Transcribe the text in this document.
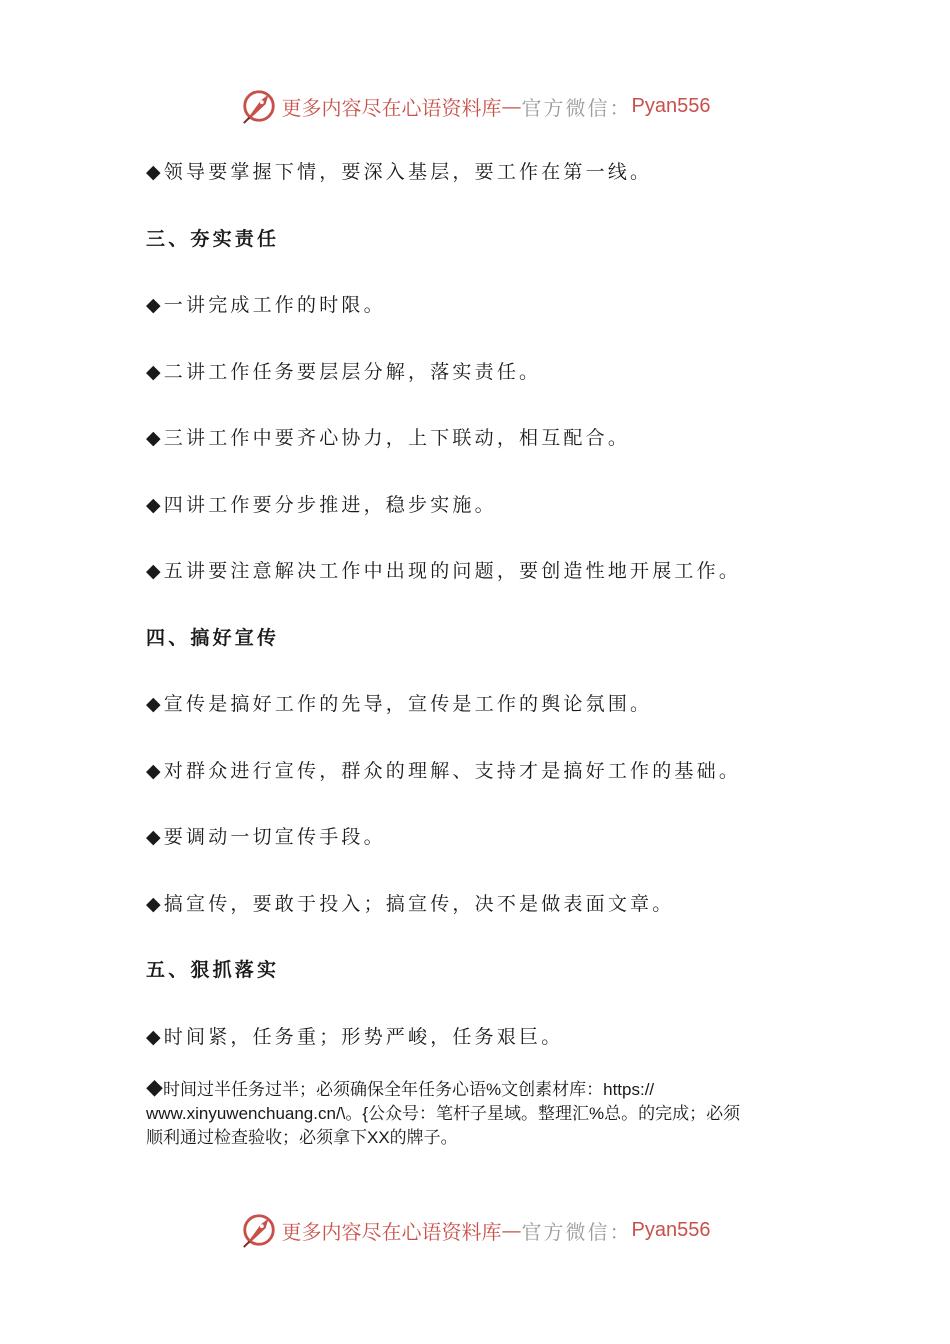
更多内容尽在心语资料库 — 官方微信： Pyan556
◆领导要掌握下情，要深入基层，要工作在第一线。
三、夯实责任
◆一讲完成工作的时限。
◆二讲工作任务要层层分解，落实责任。
◆三讲工作中要齐心协力，上下联动，相互配合。
◆四讲工作要分步推进，稳步实施。
◆五讲要注意解决工作中出现的问题，要创造性地开展工作。
四、搞好宣传
◆宣传是搞好工作的先导，宣传是工作的舆论氛围。
◆对群众进行宣传，群众的理解、支持才是搞好工作的基础。
◆要调动一切宣传手段。
◆搞宣传，要敢于投入；搞宣传，决不是做表面文章。
五、狠抓落实
◆时间紧，任务重；形势严峻，任务艰巨。
◆时间过半任务过半；必须确保全年任务心语%文创素材库：https://
www.xinyuwenchuang.cn/\。{公众号：笔杆子星域。整理汇%总。的完成；必须
顺利通过检查验收；必须拿下XX的牌子。
更多内容尽在心语资料库 — 官方微信： Pyan556
